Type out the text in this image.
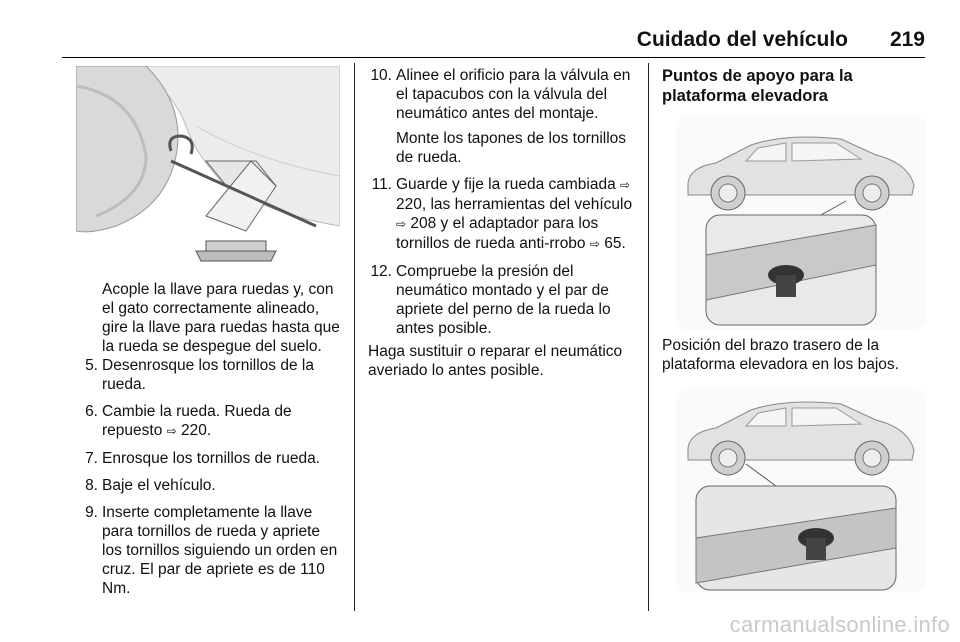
Cuidado del vehículo 219

Acople la llave para ruedas y, con el gato correctamente alineado, gire la llave para ruedas hasta que la rueda se despegue del suelo.

5. Desenrosque los tornillos de la rueda.
6. Cambie la rueda. Rueda de repuesto ⇨ 220.
7. Enrosque los tornillos de rueda.
8. Baje el vehículo.
9. Inserte completamente la llave para tornillos de rueda y apriete los tornillos siguiendo un orden en cruz. El par de apriete es de 110 Nm.
10. Alinee el orificio para la válvula en el tapacubos con la válvula del neumático antes del montaje.

Monte los tapones de los tornillos de rueda.

11. Guarde y fije la rueda cambiada ⇨ 220, las herramientas del vehículo ⇨ 208 y el adaptador para los tornillos de rueda anti-rrobo ⇨ 65.
12. Compruebe la presión del neumático montado y el par de apriete del perno de la rueda lo antes posible.

Haga sustituir o reparar el neumático averiado lo antes posible.

Puntos de apoyo para la plataforma elevadora

Posición del brazo trasero de la plataforma elevadora en los bajos.

carmanualsonline.info
